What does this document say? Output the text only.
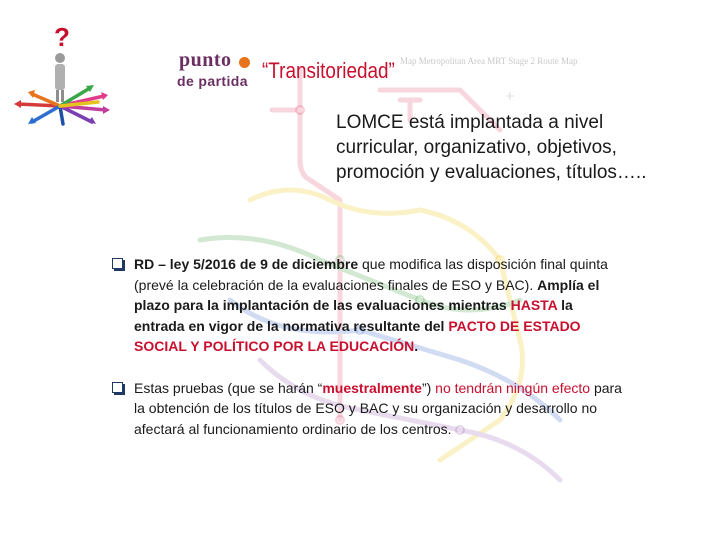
Map Metropolitan Area MRT Stage 2 Route Map
?
punto
de partida “Transitoriedad”
LOMCE está implantada a nivel curricular, organizativo, objetivos, promoción y evaluaciones, títulos…..
RD – ley 5/2016 de 9 de diciembre que modifica las disposición final quinta (prevé la celebración de la evaluaciones finales de ESO y BAC). Amplía el plazo para la implantación de las evaluaciones mientras HASTA la entrada en vigor de la normativa resultante del PACTO DE ESTADO SOCIAL Y POLÍTICO POR LA EDUCACIÓN.
Estas pruebas (que se harán “muestralmente”) no tendrán ningún efecto para la obtención de los títulos de ESO y BAC y su organización y desarrollo no afectará al funcionamiento ordinario de los centros.
